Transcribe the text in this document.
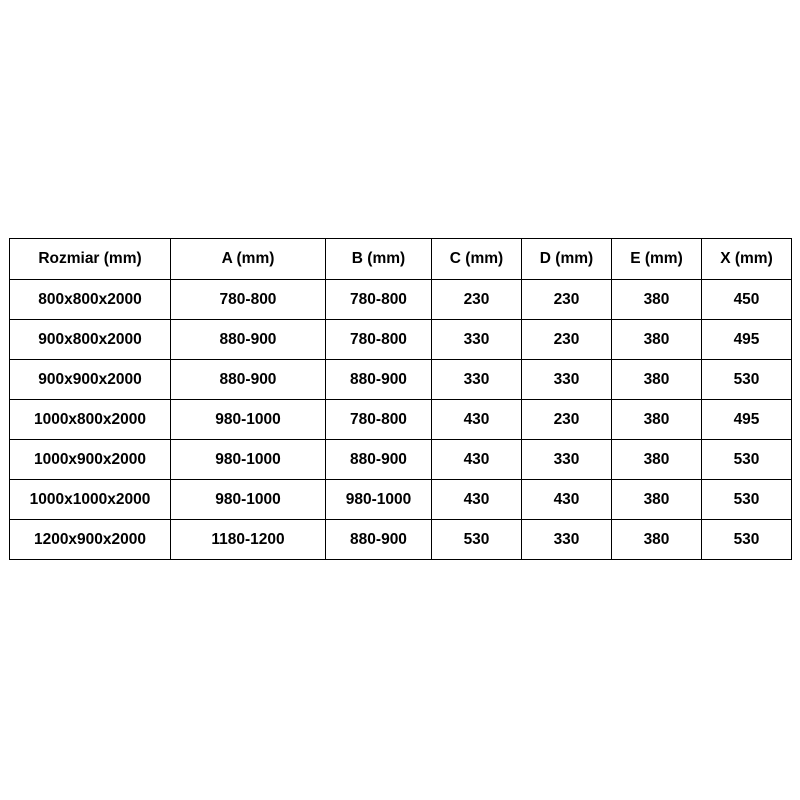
Rozmiar (mm)	A (mm)	B (mm)	C (mm)	D (mm)	E (mm)	X (mm)
800x800x2000	780-800	780-800	230	230	380	450
900x800x2000	880-900	780-800	330	230	380	495
900x900x2000	880-900	880-900	330	330	380	530
1000x800x2000	980-1000	780-800	430	230	380	495
1000x900x2000	980-1000	880-900	430	330	380	530
1000x1000x2000	980-1000	980-1000	430	430	380	530
1200x900x2000	1180-1200	880-900	530	330	380	530
